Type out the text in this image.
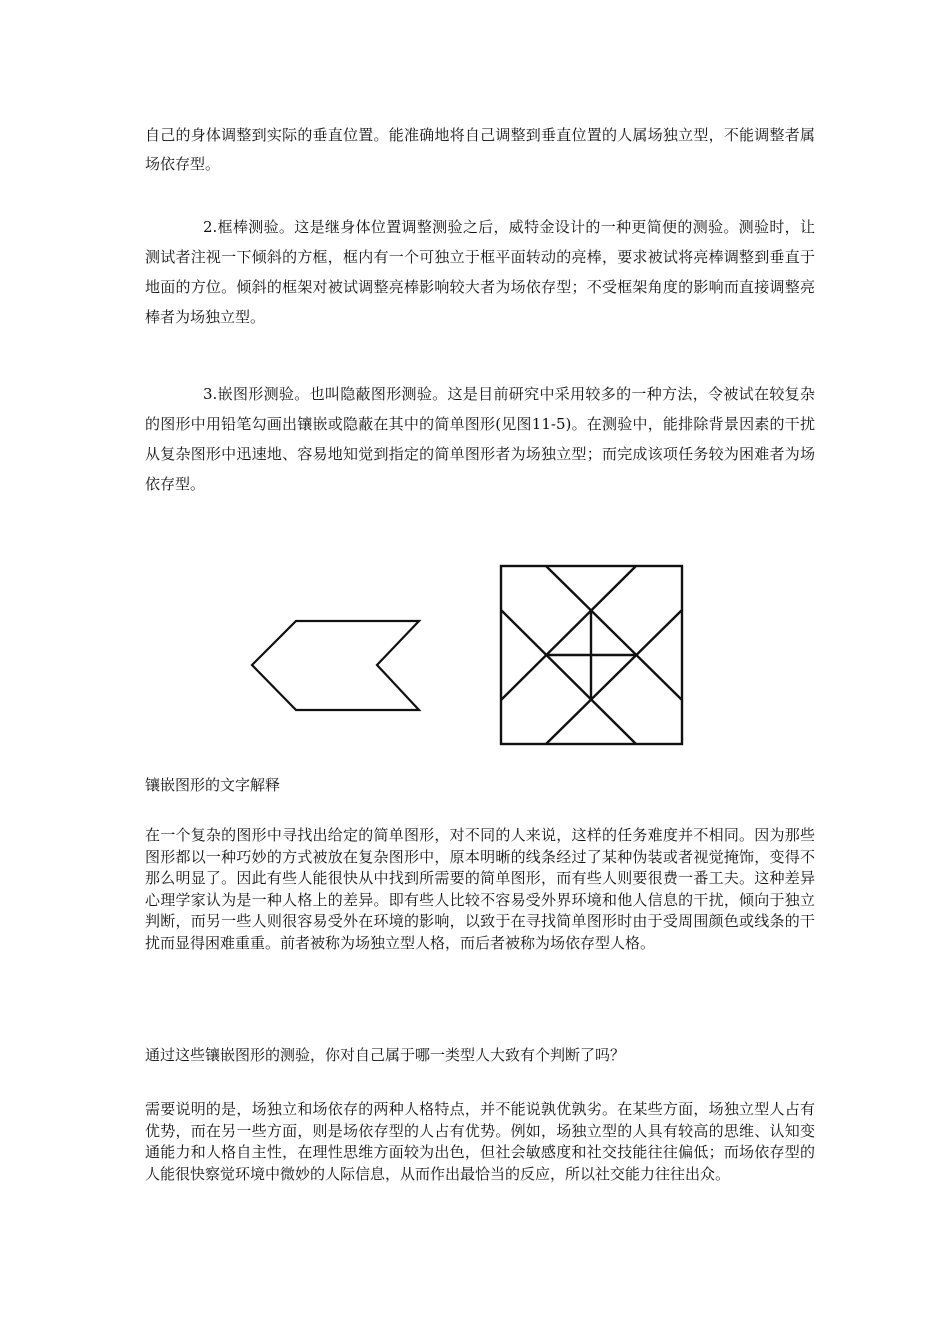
自己的身体调整到实际的垂直位置。能准确地将自己调整到垂直位置的人属场独立型，不能调整者属场依存型。

2.框棒测验。这是继身体位置调整测验之后，威特金设计的一种更简便的测验。测验时，让测试者注视一下倾斜的方框，框内有一个可独立于框平面转动的亮棒，要求被试将亮棒调整到垂直于地面的方位。倾斜的框架对被试调整亮棒影响较大者为场依存型；不受框架角度的影响而直接调整亮棒者为场独立型。

3.嵌图形测验。也叫隐蔽图形测验。这是目前研究中采用较多的一种方法，令被试在较复杂的图形中用铅笔勾画出镶嵌或隐蔽在其中的简单图形(见图11-5)。在测验中，能排除背景因素的干扰从复杂图形中迅速地、容易地知觉到指定的简单图形者为场独立型；而完成该项任务较为困难者为场依存型。

镶嵌图形的文字解释

在一个复杂的图形中寻找出给定的简单图形，对不同的人来说，这样的任务难度并不相同。因为那些图形都以一种巧妙的方式被放在复杂图形中，原本明晰的线条经过了某种伪装或者视觉掩饰，变得不那么明显了。因此有些人能很快从中找到所需要的简单图形，而有些人则要很费一番工夫。这种差异心理学家认为是一种人格上的差异。即有些人比较不容易受外界环境和他人信息的干扰，倾向于独立判断，而另一些人则很容易受外在环境的影响，以致于在寻找简单图形时由于受周围颜色或线条的干扰而显得困难重重。前者被称为场独立型人格，而后者被称为场依存型人格。

通过这些镶嵌图形的测验，你对自己属于哪一类型人大致有个判断了吗？

需要说明的是，场独立和场依存的两种人格特点，并不能说孰优孰劣。在某些方面，场独立型人占有优势，而在另一些方面，则是场依存型的人占有优势。例如，场独立型的人具有较高的思维、认知变通能力和人格自主性，在理性思维方面较为出色，但社会敏感度和社交技能往往偏低；而场依存型的人能很快察觉环境中微妙的人际信息，从而作出最恰当的反应，所以社交能力往往出众。
